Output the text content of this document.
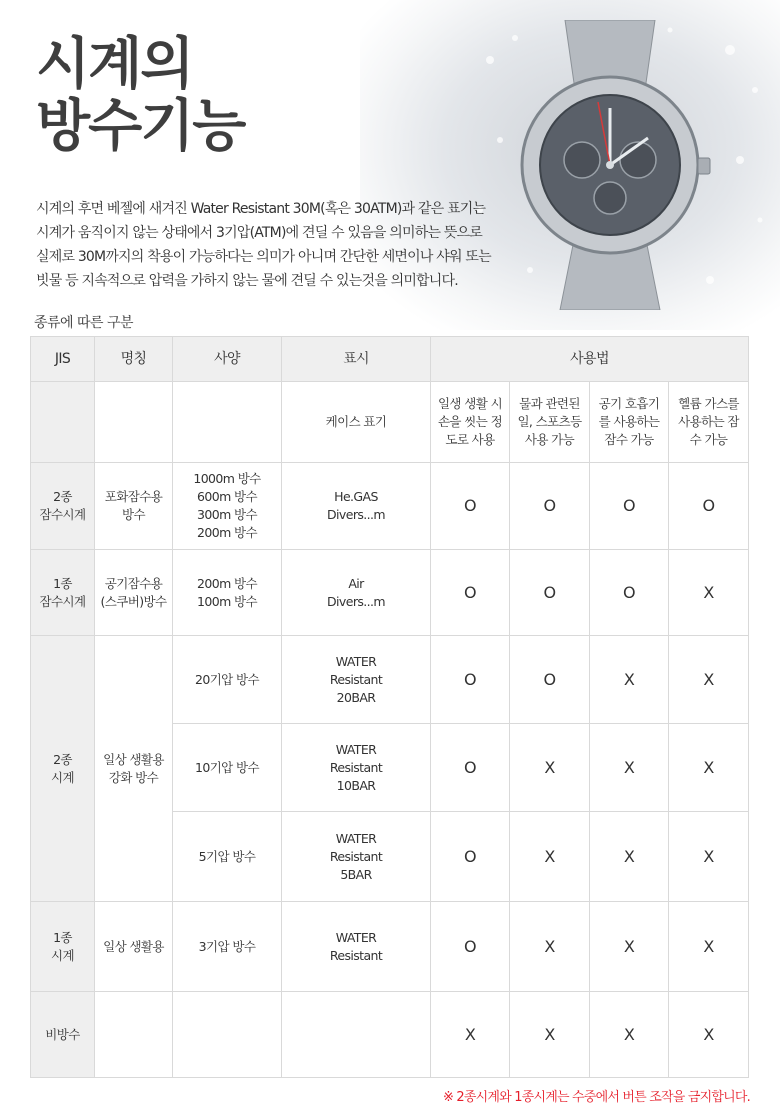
시계의
방수기능

시계의 후면 베젤에 새겨진 Water Resistant 30M(혹은 30ATM)과 같은 표기는
시계가 움직이지 않는 상태에서 3기압(ATM)에 견딜 수 있음을 의미하는 뜻으로
실제로 30M까지의 착용이 가능하다는 의미가 아니며 간단한 세면이나 샤워 또는
빗물 등 지속적으로 압력을 가하지 않는 물에 견딜 수 있는것을 의미합니다.

종류에 따른 구분

JIS	명칭	사양	표시	사용법			
			케이스 표기	일생 생활 시
손을 씻는 정
도로 사용	물과 관련된
일, 스포츠등
사용 가능	공기 호흡기
를 사용하는
잠수 가능	헬륨 가스를
사용하는 잠
수 가능
2종
잠수시계	포화잠수용
방수	1000m 방수
600m 방수
300m 방수
200m 방수	He.GAS
Divers...m	O	O	O	O
1종
잠수시계	공기잠수용
(스쿠버)방수	200m 방수
100m 방수	Air
Divers...m	O	O	O	X
2종
시계	일상 생활용
강화 방수	20기압 방수	WATER
Resistant
20BAR	O	O	X	X
		10기압 방수	WATER
Resistant
10BAR	O	X	X	X
		5기압 방수	WATER
Resistant
5BAR	O	X	X	X
1종
시계	일상 생활용	3기압 방수	WATER
Resistant	O	X	X	X
비방수				X	X	X	X

※ 2종시계와 1종시계는 수중에서 버튼 조작을 금지합니다.
